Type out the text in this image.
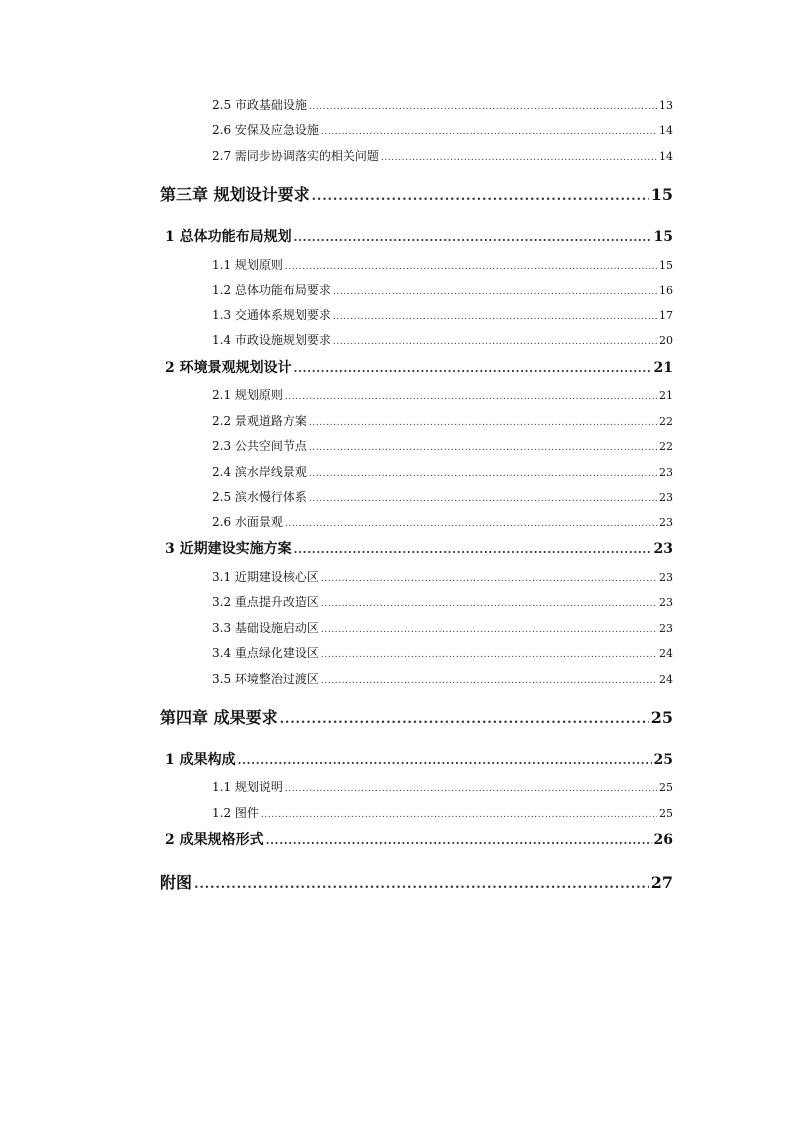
2.5 市政基础设施 .....	13
2.6 安保及应急设施 .....	14
2.7 需同步协调落实的相关问题 .....	14
第三章 规划设计要求 .....	15
1 总体功能布局规划 .....	15
1.1 规划原则 .....	15
1.2 总体功能布局要求 .....	16
1.3 交通体系规划要求 .....	17
1.4 市政设施规划要求 .....	20
2 环境景观规划设计 .....	21
2.1 规划原则 .....	21
2.2 景观道路方案 .....	22
2.3 公共空间节点 .....	22
2.4 滨水岸线景观 .....	23
2.5 滨水慢行体系 .....	23
2.6 水面景观 .....	23
3 近期建设实施方案 .....	23
3.1 近期建设核心区 .....	23
3.2 重点提升改造区 .....	23
3.3 基础设施启动区 .....	23
3.4 重点绿化建设区 .....	24
3.5 环境整治过渡区 .....	24
第四章 成果要求 .....	25
1 成果构成 .....	25
1.1 规划说明 .....	25
1.2 图件 .....	25
2 成果规格形式 .....	26
附图 .....	27
